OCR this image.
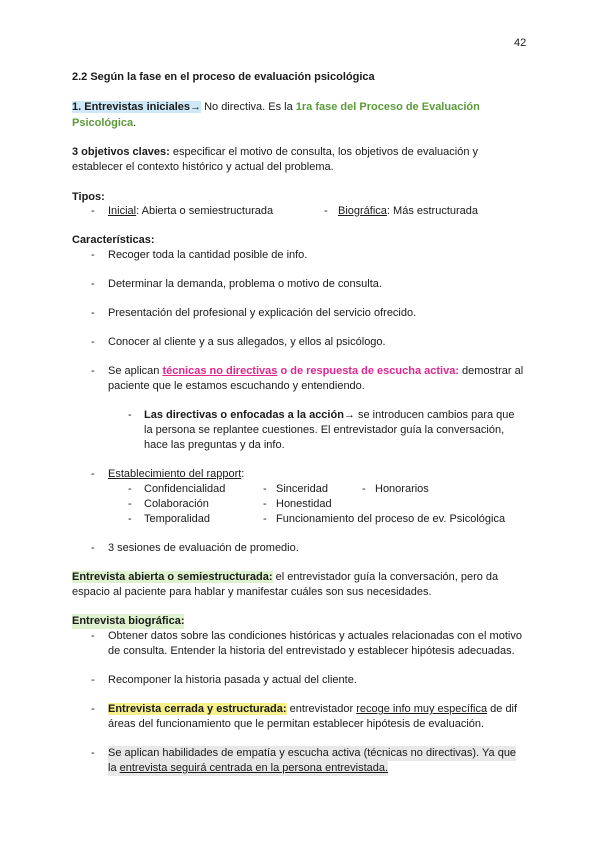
42
2.2 Según la fase en el proceso de evaluación psicológica
1. Entrevistas iniciales→ No directiva. Es la 1ra fase del Proceso de Evaluación
Psicológica.
3 objetivos claves: especificar el motivo de consulta, los objetivos de evaluación y
establecer el contexto histórico y actual del problema.
Tipos:
- Inicial: Abierta o semiestructurada	- Biográfica: Más estructurada
Características:
- Recoger toda la cantidad posible de info.
- Determinar la demanda, problema o motivo de consulta.
- Presentación del profesional y explicación del servicio ofrecido.
- Conocer al cliente y a sus allegados, y ellos al psicólogo.
- Se aplican técnicas no directivas o de respuesta de escucha activa: demostrar al
paciente que le estamos escuchando y entendiendo.
- Las directivas o enfocadas a la acción→ se introducen cambios para que
la persona se replantee cuestiones. El entrevistador guía la conversación,
hace las preguntas y da info.
- Establecimiento del rapport:
- Confidencialidad	- Sinceridad	- Honorarios
- Colaboración	- Honestidad
- Temporalidad	- Funcionamiento del proceso de ev. Psicológica
- 3 sesiones de evaluación de promedio.
Entrevista abierta o semiestructurada: el entrevistador guía la conversación, pero da
espacio al paciente para hablar y manifestar cuáles son sus necesidades.
Entrevista biográfica:
- Obtener datos sobre las condiciones históricas y actuales relacionadas con el motivo
de consulta. Entender la historia del entrevistado y establecer hipótesis adecuadas.
- Recomponer la historia pasada y actual del cliente.
- Entrevista cerrada y estructurada: entrevistador recoge info muy específica de dif
áreas del funcionamiento que le permitan establecer hipótesis de evaluación.
- Se aplican habilidades de empatía y escucha activa (técnicas no directivas). Ya que
la entrevista seguirá centrada en la persona entrevistada.
